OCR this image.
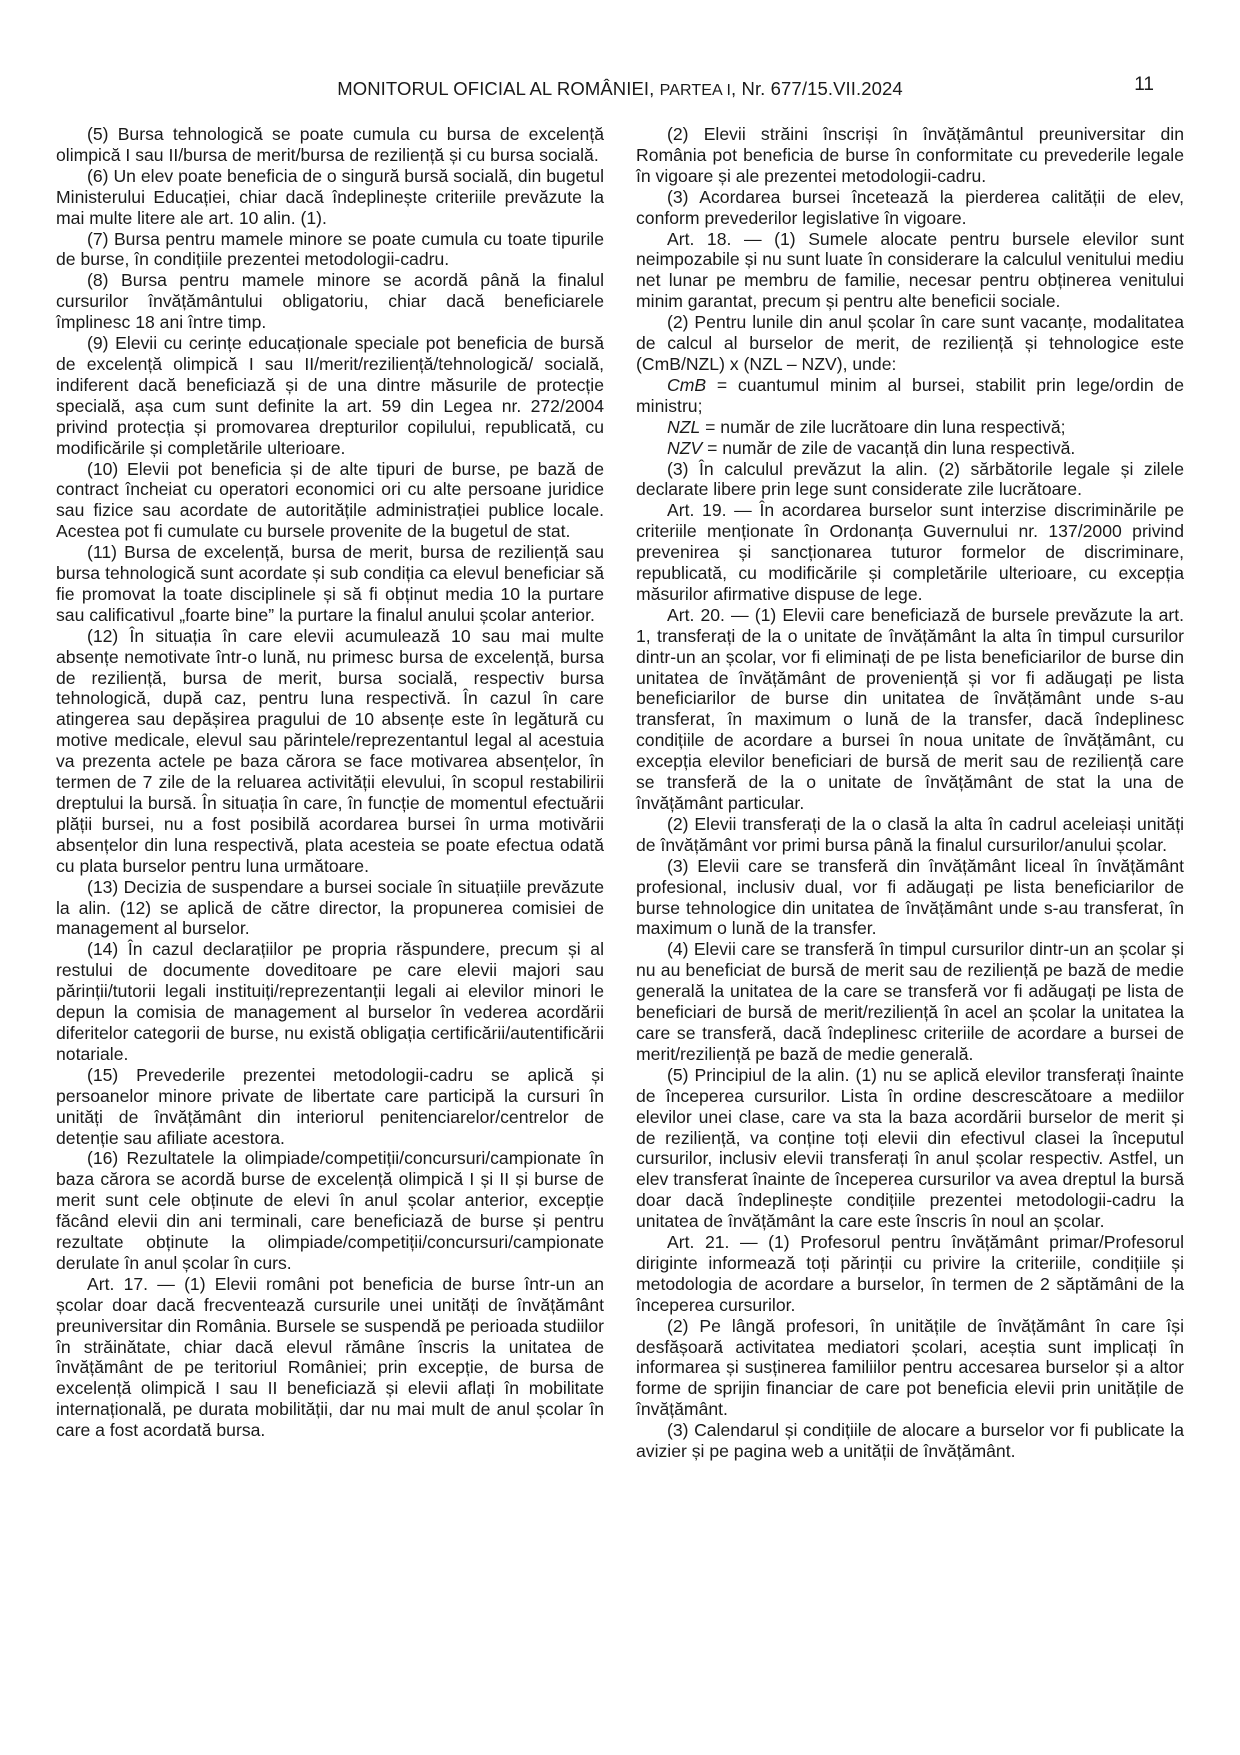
MONITORUL OFICIAL AL ROMÂNIEI, PARTEA I, Nr. 677/15.VII.2024	11

(5) Bursa tehnologică se poate cumula cu bursa de excelență olimpică I sau II/bursa de merit/bursa de reziliență și cu bursa socială.

(6) Un elev poate beneficia de o singură bursă socială, din bugetul Ministerului Educației, chiar dacă îndeplinește criteriile prevăzute la mai multe litere ale art. 10 alin. (1).

(7) Bursa pentru mamele minore se poate cumula cu toate tipurile de burse, în condițiile prezentei metodologii-cadru.

(8) Bursa pentru mamele minore se acordă până la finalul cursurilor învățământului obligatoriu, chiar dacă beneficiarele împlinesc 18 ani între timp.

(9) Elevii cu cerințe educaționale speciale pot beneficia de bursă de excelență olimpică I sau II/merit/reziliență/tehnologică/ socială, indiferent dacă beneficiază și de una dintre măsurile de protecție specială, așa cum sunt definite la art. 59 din Legea nr. 272/2004 privind protecția și promovarea drepturilor copilului, republicată, cu modificările și completările ulterioare.

(10) Elevii pot beneficia și de alte tipuri de burse, pe bază de contract încheiat cu operatori economici ori cu alte persoane juridice sau fizice sau acordate de autoritățile administrației publice locale. Acestea pot fi cumulate cu bursele provenite de la bugetul de stat.

(11) Bursa de excelență, bursa de merit, bursa de reziliență sau bursa tehnologică sunt acordate și sub condiția ca elevul beneficiar să fie promovat la toate disciplinele și să fi obținut media 10 la purtare sau calificativul „foarte bine” la purtare la finalul anului școlar anterior.

(12) În situația în care elevii acumulează 10 sau mai multe absențe nemotivate într-o lună, nu primesc bursa de excelență, bursa de reziliență, bursa de merit, bursa socială, respectiv bursa tehnologică, după caz, pentru luna respectivă. În cazul în care atingerea sau depășirea pragului de 10 absențe este în legătură cu motive medicale, elevul sau părintele/reprezentantul legal al acestuia va prezenta actele pe baza cărora se face motivarea absențelor, în termen de 7 zile de la reluarea activității elevului, în scopul restabilirii dreptului la bursă. În situația în care, în funcție de momentul efectuării plății bursei, nu a fost posibilă acordarea bursei în urma motivării absențelor din luna respectivă, plata acesteia se poate efectua odată cu plata burselor pentru luna următoare.

(13) Decizia de suspendare a bursei sociale în situațiile prevăzute la alin. (12) se aplică de către director, la propunerea comisiei de management al burselor.

(14) În cazul declarațiilor pe propria răspundere, precum și al restului de documente doveditoare pe care elevii majori sau părinții/tutorii legali instituiți/reprezentanții legali ai elevilor minori le depun la comisia de management al burselor în vederea acordării diferitelor categorii de burse, nu există obligația certificării/autentificării notariale.

(15) Prevederile prezentei metodologii-cadru se aplică și persoanelor minore private de libertate care participă la cursuri în unități de învățământ din interiorul penitenciarelor/centrelor de detenție sau afiliate acestora.

(16) Rezultatele la olimpiade/competiții/concursuri/campionate în baza cărora se acordă burse de excelență olimpică I și II și burse de merit sunt cele obținute de elevi în anul școlar anterior, excepție făcând elevii din ani terminali, care beneficiază de burse și pentru rezultate obținute la olimpiade/competiții/concursuri/campionate derulate în anul școlar în curs.

Art. 17. — (1) Elevii români pot beneficia de burse într-un an școlar doar dacă frecventează cursurile unei unități de învățământ preuniversitar din România. Bursele se suspendă pe perioada studiilor în străinătate, chiar dacă elevul rămâne înscris la unitatea de învățământ de pe teritoriul României; prin excepție, de bursa de excelență olimpică I sau II beneficiază și elevii aflați în mobilitate internațională, pe durata mobilității, dar nu mai mult de anul școlar în care a fost acordată bursa.

(2) Elevii străini înscriși în învățământul preuniversitar din România pot beneficia de burse în conformitate cu prevederile legale în vigoare și ale prezentei metodologii-cadru.

(3) Acordarea bursei încetează la pierderea calității de elev, conform prevederilor legislative în vigoare.

Art. 18. — (1) Sumele alocate pentru bursele elevilor sunt neimpozabile și nu sunt luate în considerare la calculul venitului mediu net lunar pe membru de familie, necesar pentru obținerea venitului minim garantat, precum și pentru alte beneficii sociale.

(2) Pentru lunile din anul școlar în care sunt vacanțe, modalitatea de calcul al burselor de merit, de reziliență și tehnologice este (CmB/NZL) x (NZL – NZV), unde:

CmB = cuantumul minim al bursei, stabilit prin lege/ordin de ministru;

NZL = număr de zile lucrătoare din luna respectivă;

NZV = număr de zile de vacanță din luna respectivă.

(3) În calculul prevăzut la alin. (2) sărbătorile legale și zilele declarate libere prin lege sunt considerate zile lucrătoare.

Art. 19. — În acordarea burselor sunt interzise discriminările pe criteriile menționate în Ordonanța Guvernului nr. 137/2000 privind prevenirea și sancționarea tuturor formelor de discriminare, republicată, cu modificările și completările ulterioare, cu excepția măsurilor afirmative dispuse de lege.

Art. 20. — (1) Elevii care beneficiază de bursele prevăzute la art. 1, transferați de la o unitate de învățământ la alta în timpul cursurilor dintr-un an școlar, vor fi eliminați de pe lista beneficiarilor de burse din unitatea de învățământ de proveniență și vor fi adăugați pe lista beneficiarilor de burse din unitatea de învățământ unde s-au transferat, în maximum o lună de la transfer, dacă îndeplinesc condițiile de acordare a bursei în noua unitate de învățământ, cu excepția elevilor beneficiari de bursă de merit sau de reziliență care se transferă de la o unitate de învățământ de stat la una de învățământ particular.

(2) Elevii transferați de la o clasă la alta în cadrul aceleiași unități de învățământ vor primi bursa până la finalul cursurilor/anului școlar.

(3) Elevii care se transferă din învățământ liceal în învățământ profesional, inclusiv dual, vor fi adăugați pe lista beneficiarilor de burse tehnologice din unitatea de învățământ unde s-au transferat, în maximum o lună de la transfer.

(4) Elevii care se transferă în timpul cursurilor dintr-un an școlar și nu au beneficiat de bursă de merit sau de reziliență pe bază de medie generală la unitatea de la care se transferă vor fi adăugați pe lista de beneficiari de bursă de merit/reziliență în acel an școlar la unitatea la care se transferă, dacă îndeplinesc criteriile de acordare a bursei de merit/reziliență pe bază de medie generală.

(5) Principiul de la alin. (1) nu se aplică elevilor transferați înainte de începerea cursurilor. Lista în ordine descrescătoare a mediilor elevilor unei clase, care va sta la baza acordării burselor de merit și de reziliență, va conține toți elevii din efectivul clasei la începutul cursurilor, inclusiv elevii transferați în anul școlar respectiv. Astfel, un elev transferat înainte de începerea cursurilor va avea dreptul la bursă doar dacă îndeplinește condițiile prezentei metodologii-cadru la unitatea de învățământ la care este înscris în noul an școlar.

Art. 21. — (1) Profesorul pentru învățământ primar/Profesorul diriginte informează toți părinții cu privire la criteriile, condițiile și metodologia de acordare a burselor, în termen de 2 săptămâni de la începerea cursurilor.

(2) Pe lângă profesori, în unitățile de învățământ în care își desfășoară activitatea mediatori școlari, aceștia sunt implicați în informarea și susținerea familiilor pentru accesarea burselor și a altor forme de sprijin financiar de care pot beneficia elevii prin unitățile de învățământ.

(3) Calendarul și condițiile de alocare a burselor vor fi publicate la avizier și pe pagina web a unității de învățământ.
